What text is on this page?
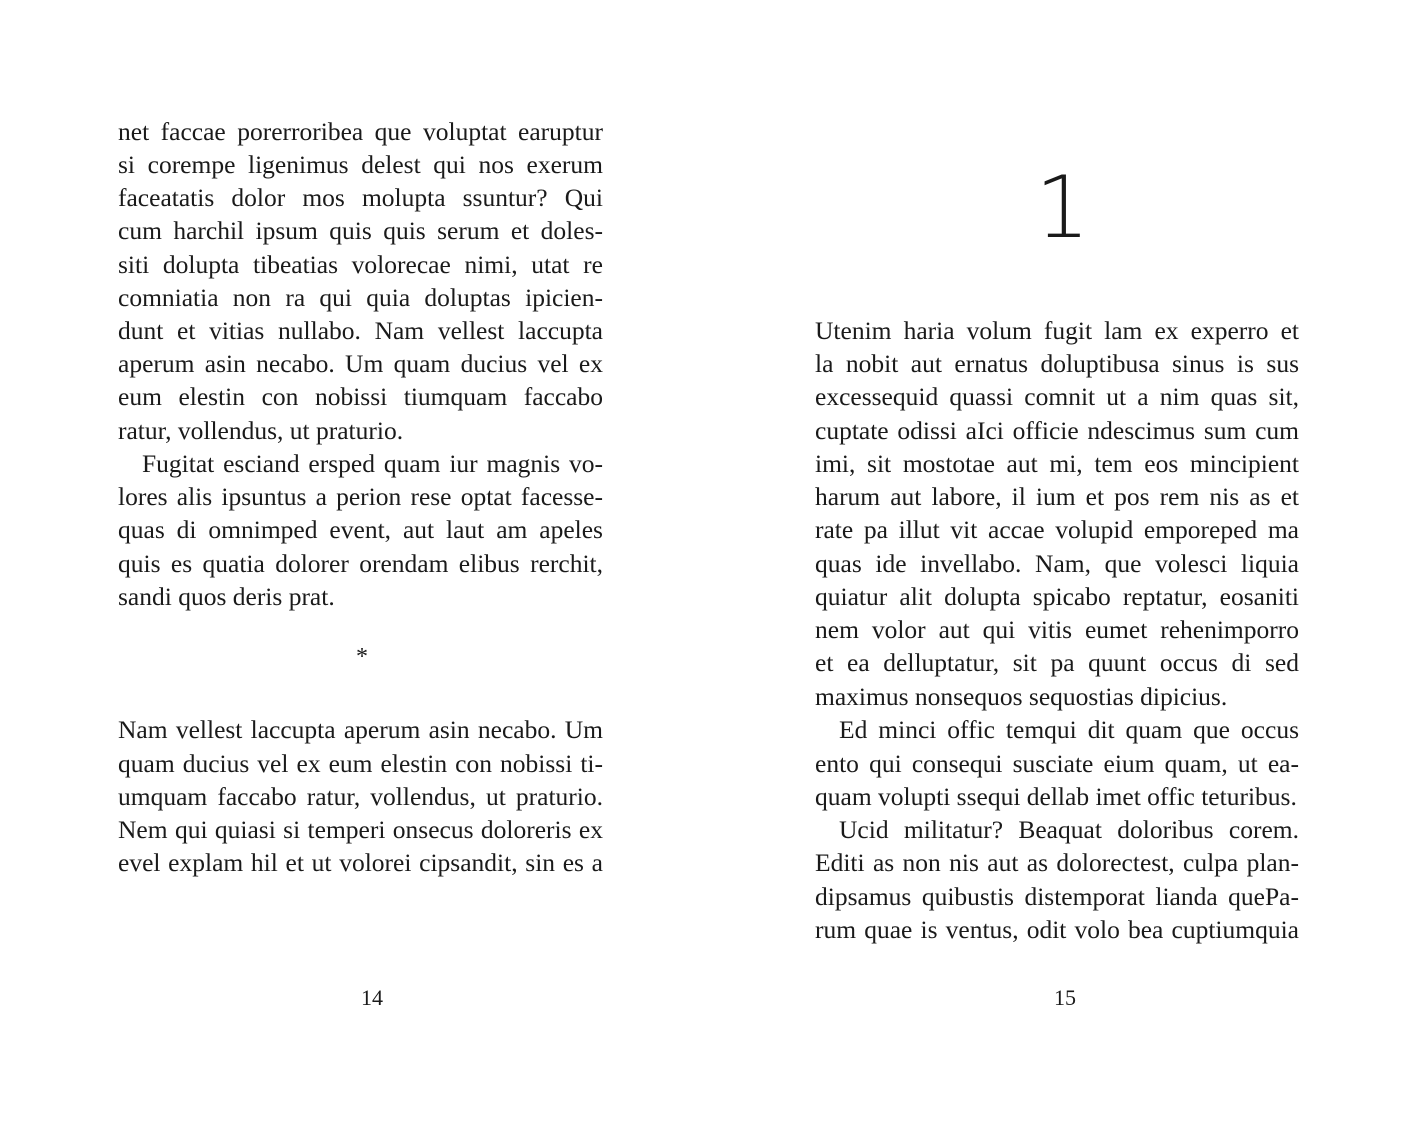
net faccae porerroribea que voluptat earuptur
si corempe ligenimus delest qui nos exerum
faceatatis dolor mos molupta ssuntur? Qui
cum harchil ipsum quis quis serum et doles-
siti dolupta tibeatias volorecae nimi, utat re
comniatia non ra qui quia doluptas ipicien-
dunt et vitias nullabo. Nam vellest laccupta
aperum asin necabo. Um quam ducius vel ex
eum elestin con nobissi tiumquam faccabo
ratur, vollendus, ut praturio.
Fugitat esciand ersped quam iur magnis vo-
lores alis ipsuntus a perion rese optat facesse-
quas di omnimped event, aut laut am apeles
quis es quatia dolorer orendam elibus rerchit,
sandi quos deris prat.
*
Nam vellest laccupta aperum asin necabo. Um
quam ducius vel ex eum elestin con nobissi ti-
umquam faccabo ratur, vollendus, ut praturio.
Nem qui quiasi si temperi onsecus doloreris ex
evel explam hil et ut volorei cipsandit, sin es a
14
1
Utenim haria volum fugit lam ex experro et
la nobit aut ernatus doluptibusa sinus is sus
excessequid quassi comnit ut a nim quas sit,
cuptate odissi aIci officie ndescimus sum cum
imi, sit mostotae aut mi, tem eos mincipient
harum aut labore, il ium et pos rem nis as et
rate pa illut vit accae volupid emporeped ma
quas ide invellabo. Nam, que volesci liquia
quiatur alit dolupta spicabo reptatur, eosaniti
nem volor aut qui vitis eumet rehenimporro
et ea delluptatur, sit pa quunt occus di sed
maximus nonsequos sequostias dipicius.
Ed minci offic temqui dit quam que occus
ento qui consequi susciate eium quam, ut ea-
quam volupti ssequi dellab imet offic teturibus.
Ucid militatur? Beaquat doloribus corem.
Editi as non nis aut as dolorectest, culpa plan-
dipsamus quibustis distemporat lianda quePa-
rum quae is ventus, odit volo bea cuptiumquia
15
